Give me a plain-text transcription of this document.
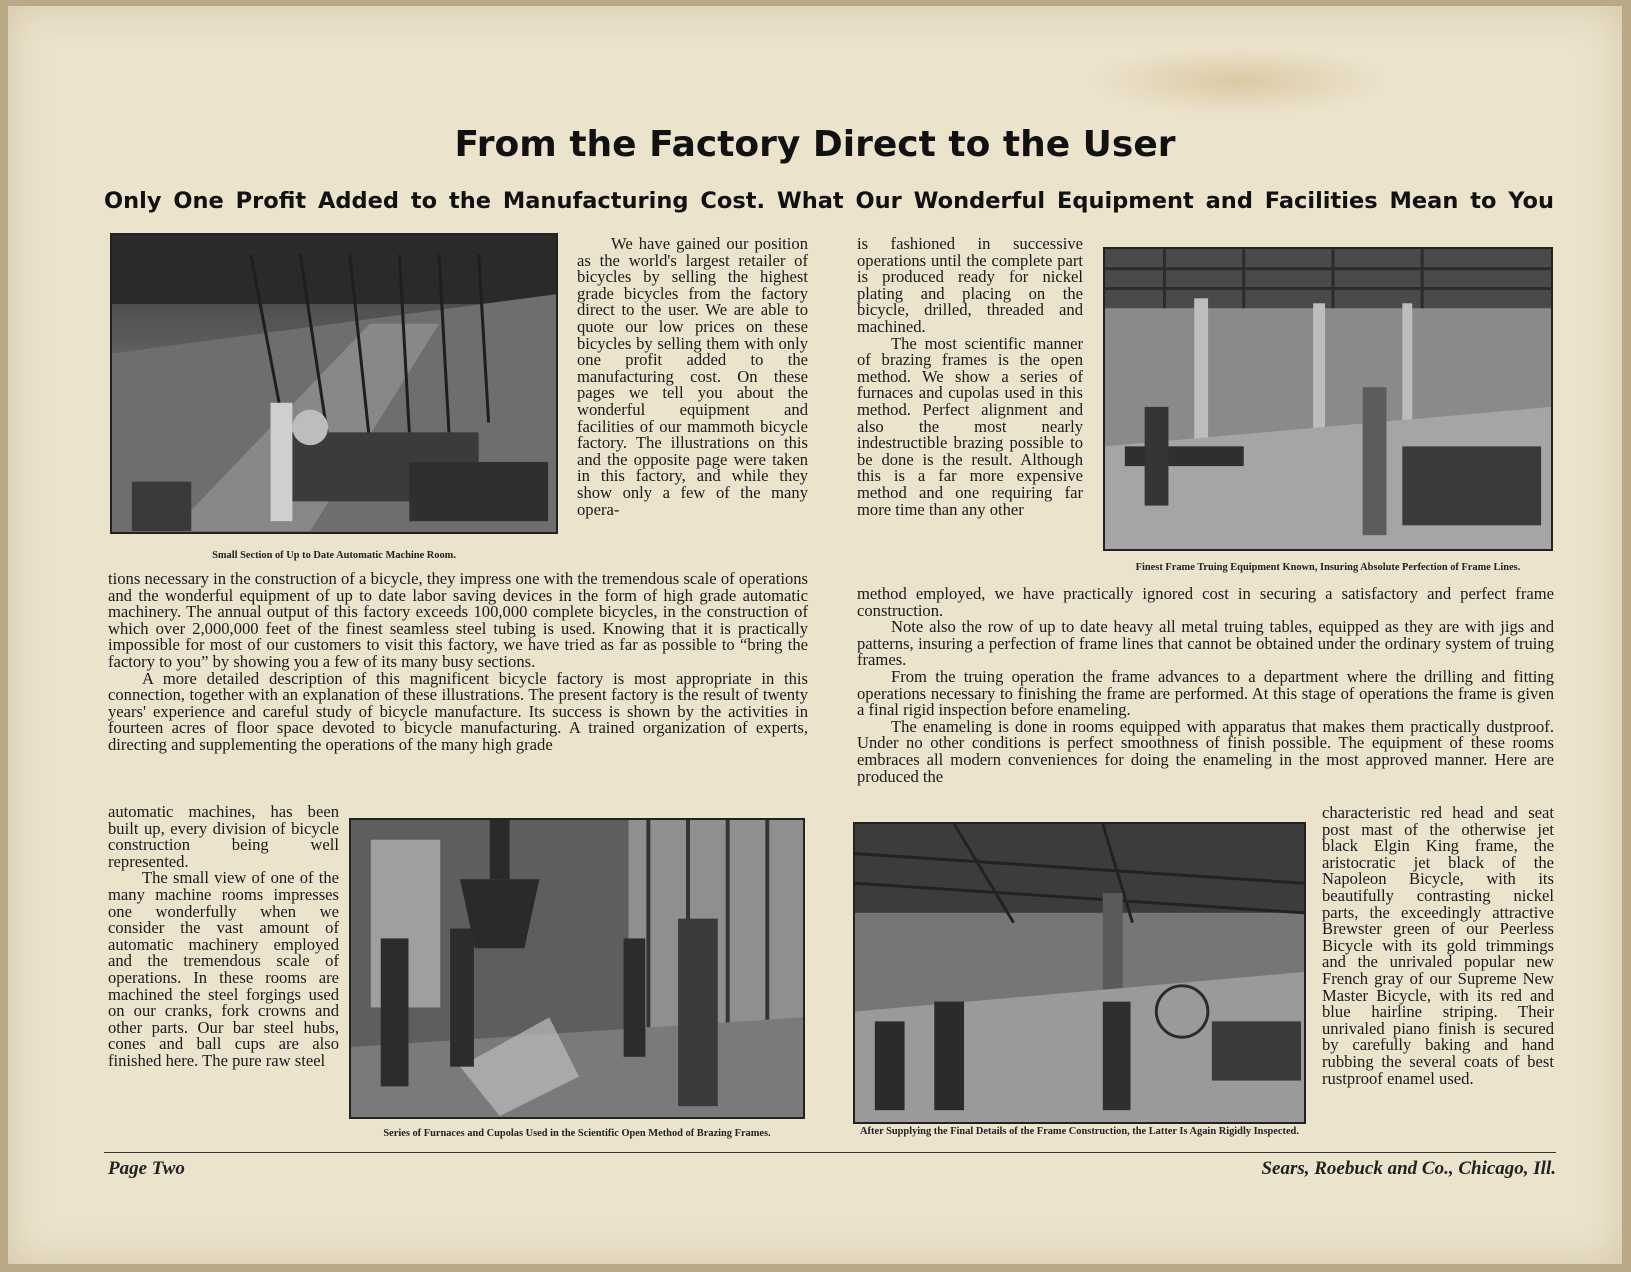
From the Factory Direct to the User
Only One Profit Added to the Manufacturing Cost. What Our Wonderful Equipment and Facilities Mean to You
Small Section of Up to Date Automatic Machine Room.

We have gained our position as the world's largest retailer of bicycles by selling the highest grade bicycles from the factory direct to the user. We are able to quote our low prices on these bicycles by selling them with only one profit added to the manufacturing cost. On these pages we tell you about the wonderful equipment and facilities of our mammoth bicycle factory. The illustrations on this and the opposite page were taken in this factory, and while they show only a few of the many opera-

tions necessary in the construction of a bicycle, they impress one with the tremendous scale of operations and the wonderful equipment of up to date labor saving devices in the form of high grade automatic machinery. The annual output of this factory exceeds 100,000 complete bicycles, in the construction of which over 2,000,000 feet of the finest seamless steel tubing is used. Knowing that it is practically impossible for most of our customers to visit this factory, we have tried as far as possible to “bring the factory to you” by showing you a few of its many busy sections.

A more detailed description of this magnificent bicycle factory is most appropriate in this connection, together with an explanation of these illustrations. The present factory is the result of twenty years' experience and careful study of bicycle manufacture. Its success is shown by the activities in fourteen acres of floor space devoted to bicycle manufacturing. A trained organization of experts, directing and supplementing the operations of the many high grade

automatic machines, has been built up, every division of bicycle construction being well represented.

The small view of one of the many machine rooms impresses one wonderfully when we consider the vast amount of automatic machinery employed and the tremendous scale of operations. In these rooms are machined the steel forgings used on our cranks, fork crowns and other parts. Our bar steel hubs, cones and ball cups are also finished here. The pure raw steel

Series of Furnaces and Cupolas Used in the Scientific Open Method of Brazing Frames.

is fashioned in successive operations until the complete part is produced ready for nickel plating and placing on the bicycle, drilled, threaded and machined.

The most scientific manner of brazing frames is the open method. We show a series of furnaces and cupolas used in this method. Perfect alignment and also the most nearly indestructible brazing possible to be done is the result. Although this is a far more expensive method and one requiring far more time than any other

Finest Frame Truing Equipment Known, Insuring Absolute Perfection of Frame Lines.

method employed, we have practically ignored cost in securing a satisfactory and perfect frame construction.

Note also the row of up to date heavy all metal truing tables, equipped as they are with jigs and patterns, insuring a perfection of frame lines that cannot be obtained under the ordinary system of truing frames.

From the truing operation the frame advances to a department where the drilling and fitting operations necessary to finishing the frame are performed. At this stage of operations the frame is given a final rigid inspection before enameling.

The enameling is done in rooms equipped with apparatus that makes them practically dustproof. Under no other conditions is perfect smoothness of finish possible. The equipment of these rooms embraces all modern conveniences for doing the enameling in the most approved manner. Here are produced the

After Supplying the Final Details of the Frame Construction, the Latter Is Again Rigidly Inspected.

characteristic red head and seat post mast of the otherwise jet black Elgin King frame, the aristocratic jet black of the Napoleon Bicycle, with its beautifully contrasting nickel parts, the exceedingly attractive Brewster green of our Peerless Bicycle with its gold trimmings and the unrivaled popular new French gray of our Supreme New Master Bicycle, with its red and blue hairline striping. Their unrivaled piano finish is secured by carefully baking and hand rubbing the several coats of best rustproof enamel used.

Page Two	Sears, Roebuck and Co., Chicago, Ill.
